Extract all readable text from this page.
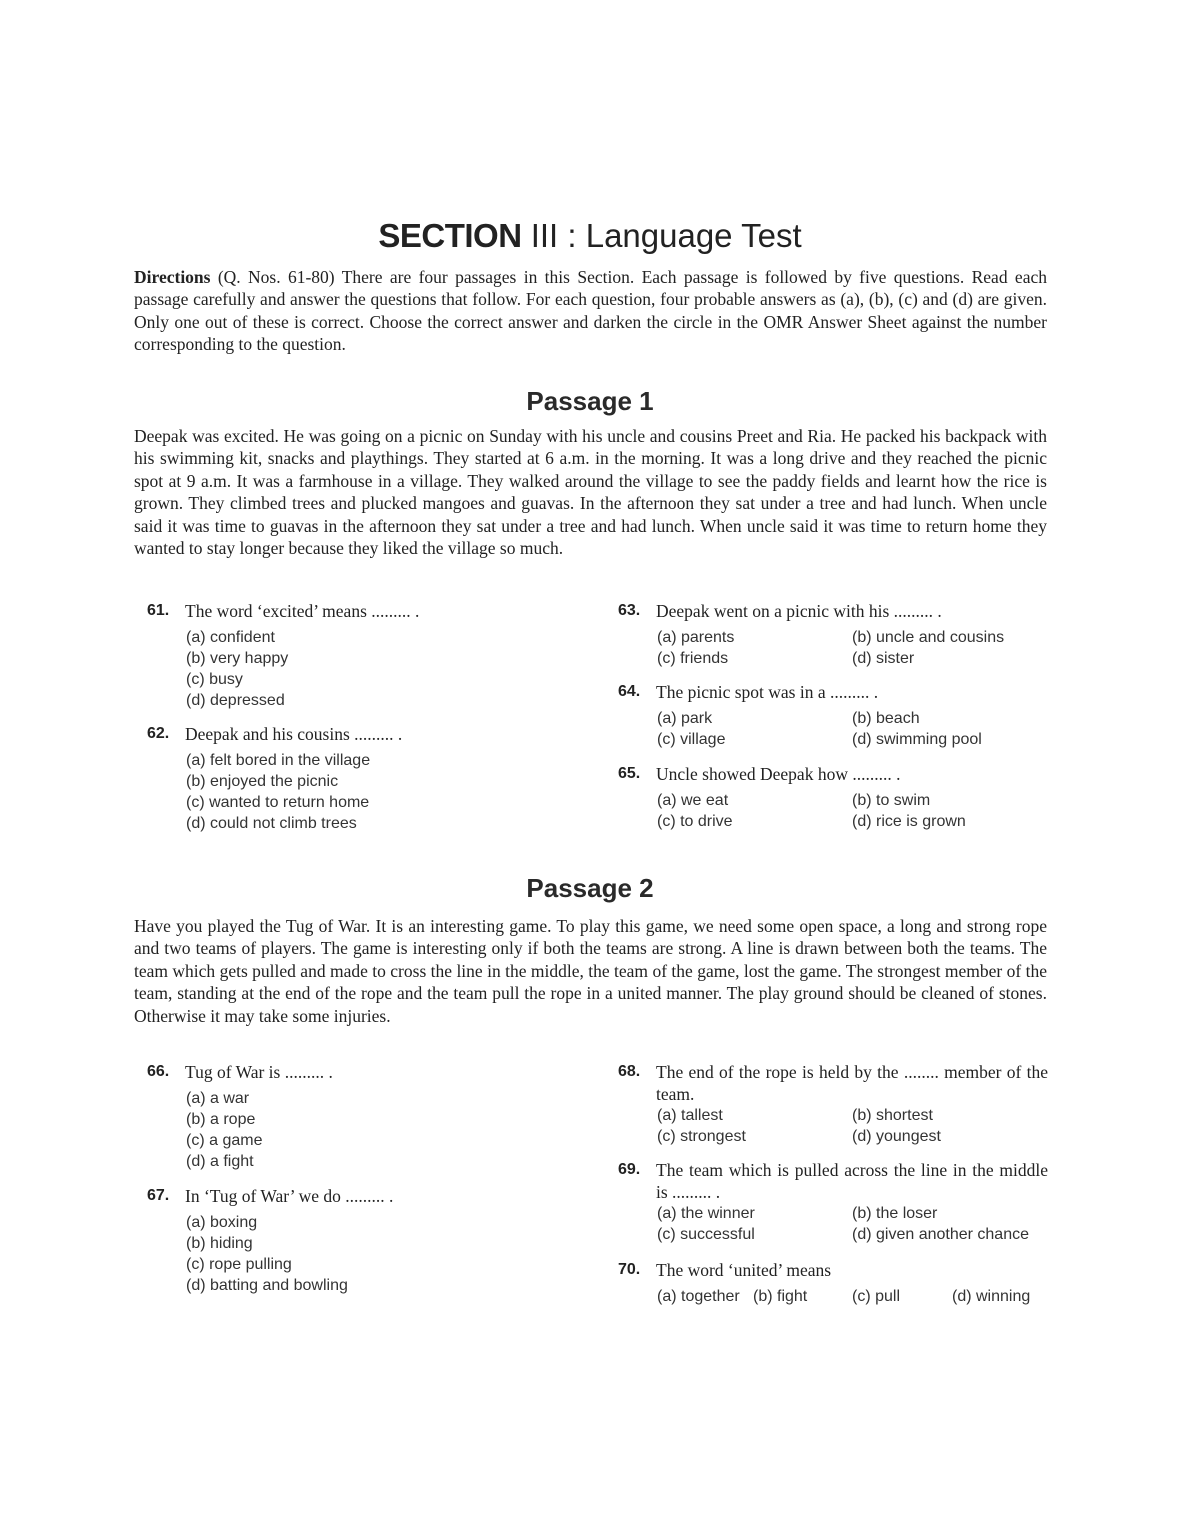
SECTION III : Language Test
Directions (Q. Nos. 61-80) There are four passages in this Section. Each passage is followed by five questions. Read each passage carefully and answer the questions that follow. For each question, four probable answers as (a), (b), (c) and (d) are given. Only one out of these is correct. Choose the correct answer and darken the circle in the OMR Answer Sheet against the number corresponding to the question.
Passage 1
Deepak was excited. He was going on a picnic on Sunday with his uncle and cousins Preet and Ria. He packed his backpack with his swimming kit, snacks and playthings. They started at 6 a.m. in the morning. It was a long drive and they reached the picnic spot at 9 a.m. It was a farmhouse in a village. They walked around the village to see the paddy fields and learnt how the rice is grown. They climbed trees and plucked mangoes and guavas. In the afternoon they sat under a tree and had lunch. When uncle said it was time to guavas in the afternoon they sat under a tree and had lunch. When uncle said it was time to return home they wanted to stay longer because they liked the village so much.
61. The word ‘excited’ means ......... .
(a) confident
(b) very happy
(c) busy
(d) depressed
62. Deepak and his cousins ......... .
(a) felt bored in the village
(b) enjoyed the picnic
(c) wanted to return home
(d) could not climb trees
63. Deepak went on a picnic with his ......... .
(a) parents	(b) uncle and cousins
(c) friends	(d) sister
64. The picnic spot was in a ......... .
(a) park	(b) beach
(c) village	(d) swimming pool
65. Uncle showed Deepak how ......... .
(a) we eat	(b) to swim
(c) to drive	(d) rice is grown
Passage 2
Have you played the Tug of War. It is an interesting game. To play this game, we need some open space, a long and strong rope and two teams of players. The game is interesting only if both the teams are strong. A line is drawn between both the teams. The team which gets pulled and made to cross the line in the middle, the team of the game, lost the game. The strongest member of the team, standing at the end of the rope and the team pull the rope in a united manner. The play ground should be cleaned of stones. Otherwise it may take some injuries.
66. Tug of War is ......... .
(a) a war
(b) a rope
(c) a game
(d) a fight
67. In ‘Tug of War’ we do ......... .
(a) boxing
(b) hiding
(c) rope pulling
(d) batting and bowling
68. The end of the rope is held by the ........ member of the team.
(a) tallest	(b) shortest
(c) strongest	(d) youngest
69. The team which is pulled across the line in the middle is ......... .
(a) the winner	(b) the loser
(c) successful	(d) given another chance
70. The word ‘united’ means
(a) together (b) fight	(c) pull	(d) winning
